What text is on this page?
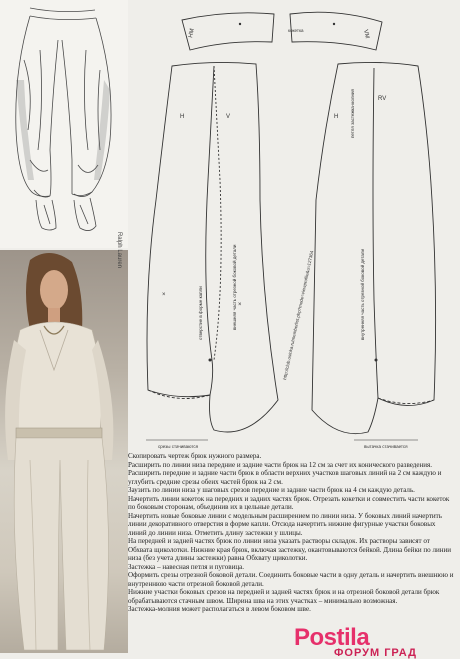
Ralph Lauren
НМ	кокетка	VM
H	V	H
RV
×
×
отверстие в форме капли	внешняя часть отрезной боковой детали	внутренняя часть отрезной боковой детали
петля застежка-молния
http://club.osinka.ru/memberlist.php?mode=viewprofile&u=127364
срезы стачиваются	вытачка стачивается

Скопировать чертеж брюк нужного размера.

Расширить по линии низа передние и задние части брюк на 12 см за счет их конического разведения.

Расширить передние и задние части брюк в области верхних участков шаговых линий на 2 см каждую и углубить средние срезы обеих частей брюк на 2 см.

Заузить по линии низа у шаговых срезов передние и задние части брюк на 4 см каждую деталь.

Начертить линии кокеток на передних и задних частях брюк. Отрезать кокетки и совместить части кокеток по боковым сторонам, объединив их в цельные детали.

Начертить новые боковые линии с модельным расширением по линии низа. У боковых линий начертить линии декоративного отверстия в форме капли. Отсюда начертить нижние фигурные участки боковых линий до линии низа. Отметить длину застежки у шлицы.

На передней и задней частях брюк по линии низа указать растворы складок. Их растворы зависят от Обхвата щиколотки. Нижние края брюк, включая застежку, окантовываются бейкой. Длина бейки по линии низа (без учета длины застежки) равна Обхвату щиколотки.

Застежка – навесная петля и пуговица.

Оформить срезы отрезной боковой детали. Соединить боковые части в одну деталь и начертить внешнюю и внутреннюю части отрезной боковой детали.

Нижние участки боковых срезов на передней и задней частях брюк и на отрезной боковой детали брюк обрабатываются стачным швом. Ширина шва на этих участках – минимально возможная.

Застежка-молния может располагаться в левом боковом шве.

Postila
ФОРУМ ГРАД
